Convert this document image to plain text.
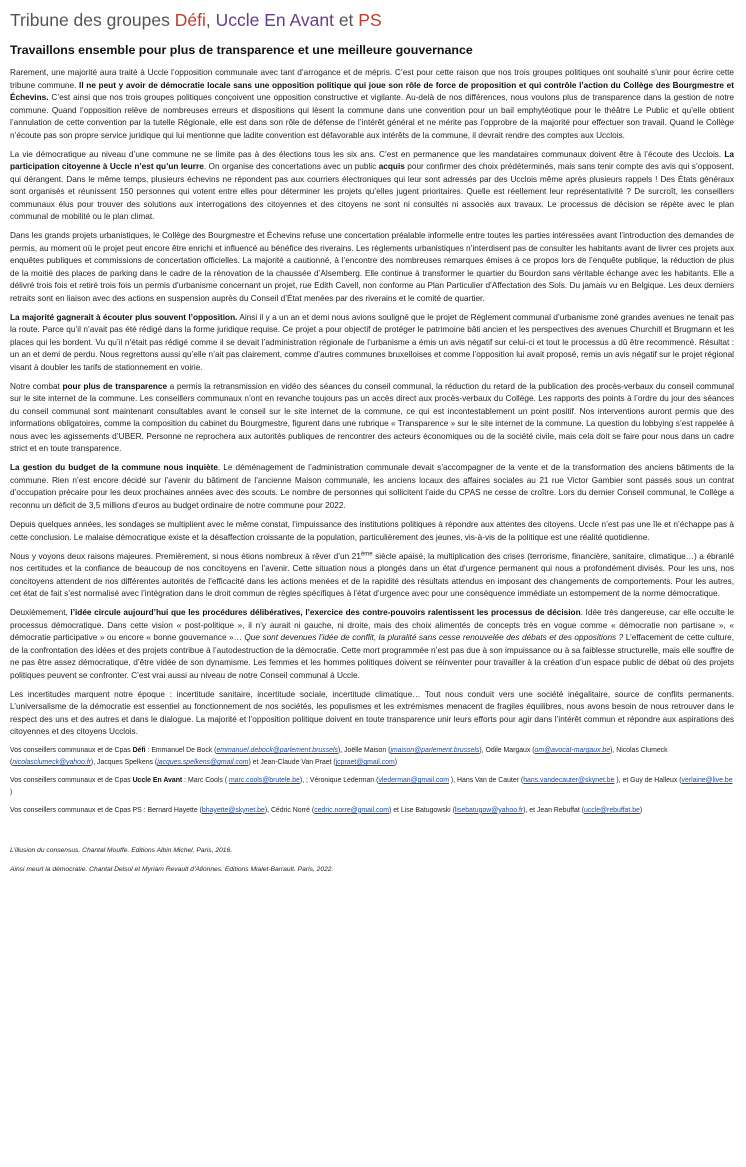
Tribune des groupes Défi, Uccle En Avant et PS
Travaillons ensemble pour plus de transparence et une meilleure gouvernance

Rarement, une majorité aura traité à Uccle l’opposition communale avec tant d’arrogance et de mépris. C’est pour cette raison que nos trois groupes politiques ont souhaité s’unir pour écrire cette tribune commune. Il ne peut y avoir de démocratie locale sans une opposition politique qui joue son rôle de force de proposition et qui contrôle l’action du Collège des Bourgmestre et Échevins. C’est ainsi que nos trois groupes politiques conçoivent une opposition constructive et vigilante. Au-delà de nos différences, nous voulons plus de transparence dans la gestion de notre commune. Quand l’opposition relève de nombreuses erreurs et dispositions qui lèsent la commune dans une convention pour un bail emphytéotique pour le théâtre Le Public et qu’elle obtient l’annulation de cette convention par la tutelle Régionale, elle est dans son rôle de défense de l’intérêt général et ne mérite pas l’opprobre de la majorité pour effectuer son travail. Quand le Collège n’écoute pas son propre service juridique qui lui mentionne que ladite convention est défavorable aux intérêts de la commune, il devrait rendre des comptes aux Ucclois.

La vie démocratique au niveau d’une commune ne se limite pas à des élections tous les six ans. C’est en permanence que les mandataires communaux doivent être à l’écoute des Ucclois. La participation citoyenne à Uccle n’est qu’un leurre. On organise des concertations avec un public acquis pour confirmer des choix prédéterminés, mais sans tenir compte des avis qui s’opposent, qui dérangent. Dans le même temps, plusieurs échevins ne répondent pas aux courriers électroniques qui leur sont adressés par des Ucclois même après plusieurs rappels ! Des États généraux sont organisés et réunissent 150 personnes qui votent entre elles pour déterminer les projets qu’elles jugent prioritaires. Quelle est réellement leur représentativité ? De surcroît, les conseillers communaux élus pour trouver des solutions aux interrogations des citoyennes et des citoyens ne sont ni consultés ni associés aux travaux. Le processus de décision se répète avec le plan communal de mobilité ou le plan climat.

Dans les grands projets urbanistiques, le Collège des Bourgmestre et Échevins refuse une concertation préalable informelle entre toutes les parties intéressées avant l’introduction des demandes de permis, au moment où le projet peut encore être enrichi et influencé au bénéfice des riverains. Les règlements urbanistiques n’interdisent pas de consulter les habitants avant de livrer ces projets aux enquêtes publiques et commissions de concertation officielles. La majorité a cautionné, à l’encontre des nombreuses remarques émises à ce propos lors de l’enquête publique, la réduction de plus de la moitié des places de parking dans le cadre de la rénovation de la chaussée d’Alsemberg. Elle continue à transformer le quartier du Bourdon sans véritable échange avec les habitants. Elle a délivré trois fois et retiré trois fois un permis d’urbanisme concernant un projet, rue Edith Cavell, non conforme au Plan Particulier d’Affectation des Sols. Du jamais vu en Belgique. Les deux derniers retraits sont en liaison avec des actions en suspension auprès du Conseil d’État menées par des riverains et le comité de quartier.

La majorité gagnerait à écouter plus souvent l’opposition. Ainsi il y a un an et demi nous avions souligné que le projet de Règlement communal d’urbanisme zoné grandes avenues ne tenait pas la route. Parce qu’il n’avait pas été rédigé dans la forme juridique requise. Ce projet a pour objectif de protéger le patrimoine bâti ancien et les perspectives des avenues Churchill et Brugmann et les places qui les bordent. Vu qu’il n’était pas rédigé comme il se devait l’administration régionale de l’urbanisme a émis un avis négatif sur celui-ci et tout le processus a dû être recommencé. Résultat : un an et demi de perdu. Nous regrettons aussi qu’elle n’ait pas clairement, comme d’autres communes bruxelloises et comme l’opposition lui avait proposé, remis un avis négatif sur le projet régional visant à doubler les tarifs de stationnement en voirie.

Notre combat pour plus de transparence a permis la retransmission en vidéo des séances du conseil communal, la réduction du retard de la publication des procès-verbaux du conseil communal sur le site internet de la commune. Les conseillers communaux n’ont en revanche toujours pas un accès direct aux procès-verbaux du Collège. Les rapports des points à l’ordre du jour des séances du conseil communal sont maintenant consultables avant le conseil sur le site internet de la commune, ce qui est incontestablement un point positif. Nos interventions auront permis que des informations obligatoires, comme la composition du cabinet du Bourgmestre, figurent dans une rubrique « Transparence » sur le site internet de la commune. La question du lobbying s’est rappelée à nous avec les agissements d’UBER. Personne ne reprochera aux autorités publiques de rencontrer des acteurs économiques ou de la société civile, mais cela doit se faire pour nous dans un cadre strict et en toute transparence.

La gestion du budget de la commune nous inquiète. Le déménagement de l’administration communale devait s’accompagner de la vente et de la transformation des anciens bâtiments de la commune. Rien n’est encore décidé sur l’avenir du bâtiment de l’ancienne Maison communale, les anciens locaux des affaires sociales au 21 rue Victor Gambier sont passés sous un contrat d’occupation précaire pour les deux prochaines années avec des scouts. Le nombre de personnes qui sollicitent l’aide du CPAS ne cesse de croître. Lors du dernier Conseil communal, le Collège a reconnu un déficit de 3,5 millions d’euros au budget ordinaire de notre commune pour 2022.

Depuis quelques années, les sondages se multiplient avec le même constat, l’impuissance des institutions politiques à répondre aux attentes des citoyens. Uccle n’est pas une île et n’échappe pas à cette conclusion. Le malaise démocratique existe et la désaffection croissante de la population, particulièrement des jeunes, vis-à-vis de la politique est une réalité quotidienne.

Nous y voyons deux raisons majeures. Premièrement, si nous étions nombreux à rêver d’un 21ème siècle apaisé, la multiplication des crises (terrorisme, financière, sanitaire, climatique…) a ébranlé nos certitudes et la confiance de beaucoup de nos concitoyens en l’avenir. Cette situation nous a plongés dans un état d’urgence permanent qui nous a profondément divisés. Pour les uns, nos concitoyens attendent de nos différentes autorités de l’efficacité dans les actions menées et de la rapidité des résultats attendus en imposant des changements de comportements. Pour les autres, cet état de fait s’est normalisé avec l’intégration dans le droit commun de règles spécifiques à l’état d’urgence avec pour une conséquence immédiate un estompement de la norme démocratique.

Deuxièmement, l’idée circule aujourd’hui que les procédures délibératives, l’exercice des contre-pouvoirs ralentissent les processus de décision. Idée très dangereuse, car elle occulte le processus démocratique. Dans cette vision « post-politique », il n’y aurait ni gauche, ni droite, mais des choix alimentés de concepts très en vogue comme « démocratie non partisane », « démocratie participative » ou encore « bonne gouvernance »… Que sont devenues l’idée de conflit, la pluralité sans cesse renouvelée des débats et des oppositions ? L’effacement de cette culture, de la confrontation des idées et des projets contribue à l’autodestruction de la démocratie. Cette mort programmée n’est pas due à son impuissance ou à sa faiblesse structurelle, mais elle souffre de ne pas être assez démocratique, d’être vidée de son dynamisme. Les femmes et les hommes politiques doivent se réinventer pour travailler à la création d’un espace public de débat où des projets politiques peuvent se confronter. C’est vrai aussi au niveau de notre Conseil communal à Uccle.

Les incertitudes marquent notre époque : incertitude sanitaire, incertitude sociale, incertitude climatique… Tout nous conduit vers une société inégalitaire, source de conflits permanents. L’universalisme de la démocratie est essentiel au fonctionnement de nos sociétés, les populismes et les extrémismes menacent de fragiles équilibres, nous avons besoin de nous retrouver dans le respect des uns et des autres et dans le dialogue. La majorité et l’opposition politique doivent en toute transparence unir leurs efforts pour agir dans l’intérêt commun et répondre aux aspirations des citoyennes et des citoyens Ucclois.

Vos conseillers communaux et de Cpas Défi : Emmanuel De Bock (emmanuel.debock@parlement.brussels), Joëlle Maison (jmaison@parlement.brussels), Odile Margaux (om@avocat-margaux.be), Nicolas Clumeck (nicolasclumeck@yahoo.fr), Jacques Spelkens (jacques.spelkens@gmail.com) et Jean-Claude Van Praet (jcpraet@gmail.com)

Vos conseillers communaux et de Cpas Uccle En Avant : Marc Cools ( marc.cools@brutele.be), ; Véronique Lederman (vlederman@gmail.com ), Hans Van de Cauter (hans.vandecauter@skynet.be ), et Guy de Halleux (verlaine@live.be )

Vos conseillers communaux et de Cpas PS : Bernard Hayette (bhayette@skynet.be), Cédric Norré (cedric.norre@gmail.com) et Lise Batugowski (lisebatugow@yahoo.fr), et Jean Rebuffat (uccle@rebuffat.be)

L’illusion du consensus. Chantal Mouffe. Editions Albin Michel, Paris, 2016.

Ainsi meurt la démocratie. Chantal Delsol et Myriam Revault d’Allonnes. Editions Mialet-Barrault. Paris, 2022.
